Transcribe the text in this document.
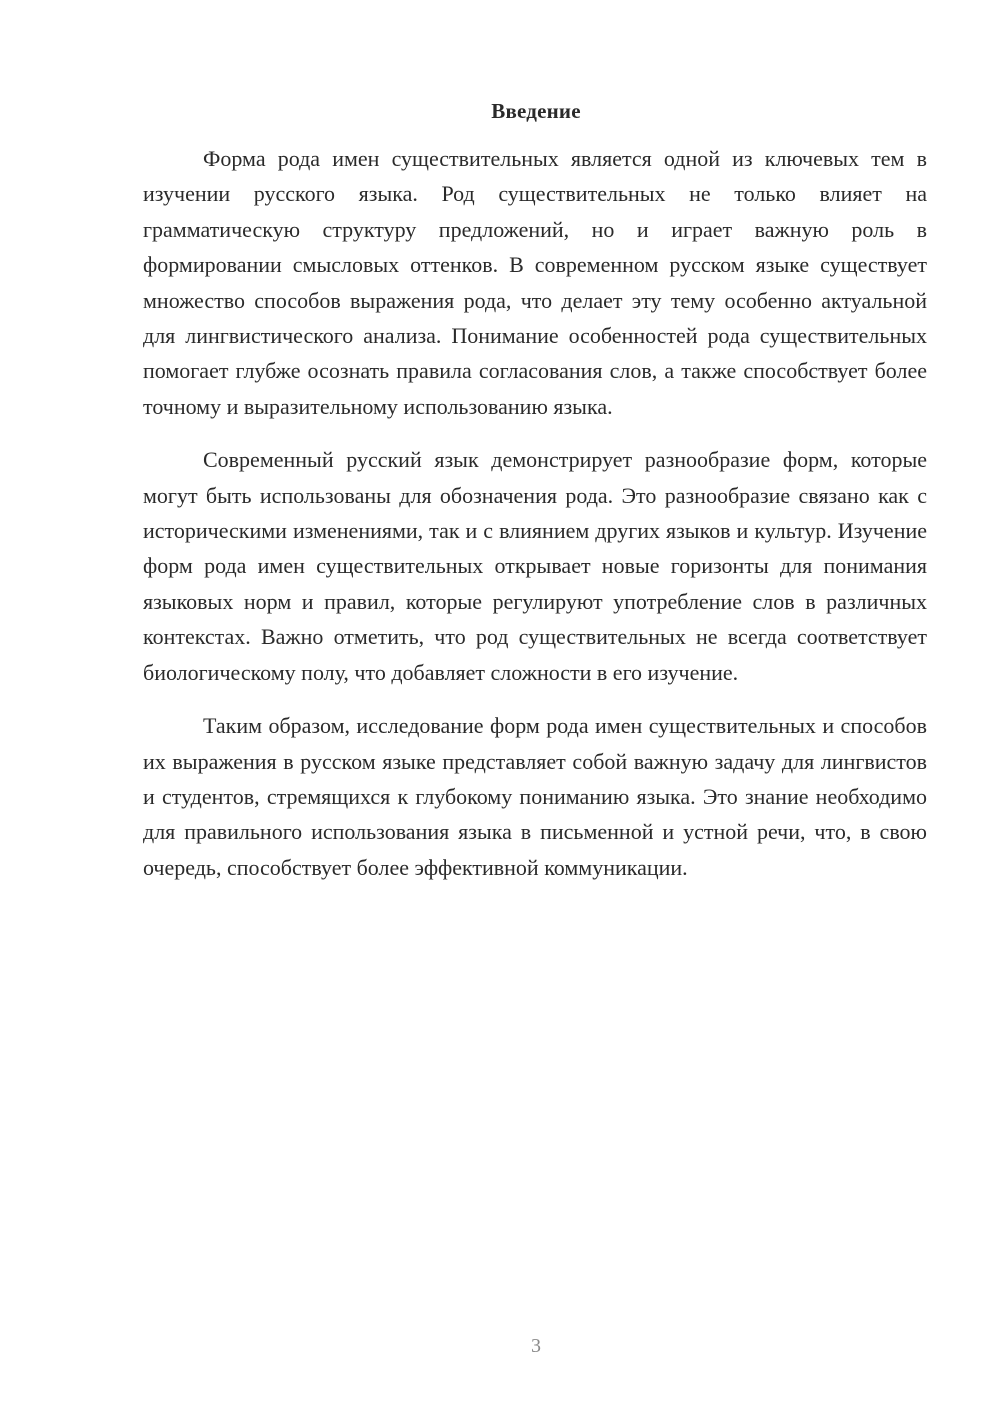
Введение

Форма рода имен существительных является одной из ключевых тем в изучении русского языка. Род существительных не только влияет на грамматическую структуру предложений, но и играет важную роль в формировании смысловых оттенков. В современном русском языке существует множество способов выражения рода, что делает эту тему особенно актуальной для лингвистического анализа. Понимание особенностей рода существительных помогает глубже осознать правила согласования слов, а также способствует более точному и выразительному использованию языка.

Современный русский язык демонстрирует разнообразие форм, которые могут быть использованы для обозначения рода. Это разнообразие связано как с историческими изменениями, так и с влиянием других языков и культур. Изучение форм рода имен существительных открывает новые горизонты для понимания языковых норм и правил, которые регулируют употребление слов в различных контекстах. Важно отметить, что род существительных не всегда соответствует биологическому полу, что добавляет сложности в его изучение.

Таким образом, исследование форм рода имен существительных и способов их выражения в русском языке представляет собой важную задачу для лингвистов и студентов, стремящихся к глубокому пониманию языка. Это знание необходимо для правильного использования языка в письменной и устной речи, что, в свою очередь, способствует более эффективной коммуникации.

3
